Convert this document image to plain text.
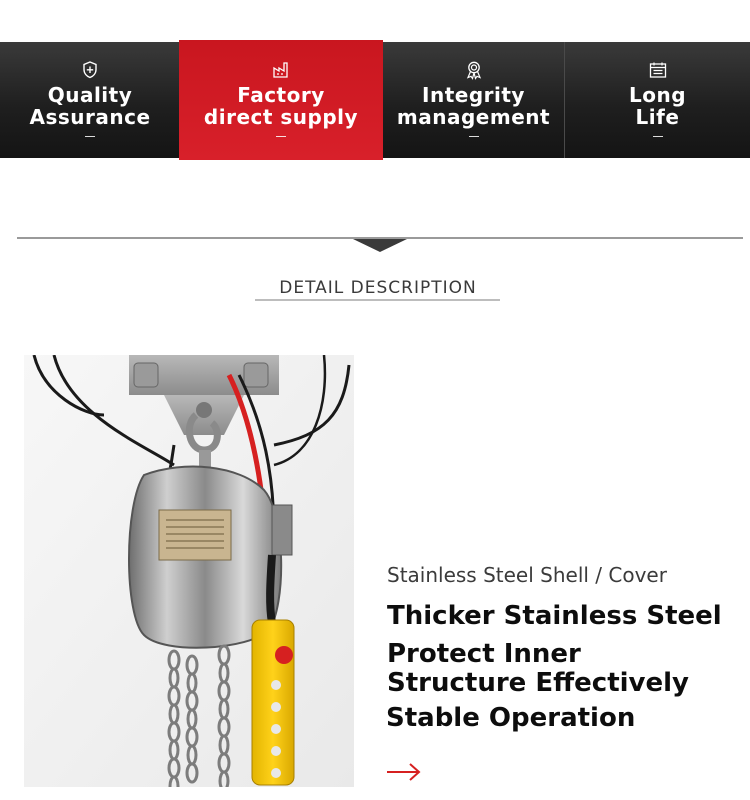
Quality
Assurance
Factory
direct supply
Integrity
management
Long
Life
DETAIL DESCRIPTION
Stainless Steel Shell / Cover
Thicker Stainless Steel
Protect Inner Structure Effectively
Stable Operation
